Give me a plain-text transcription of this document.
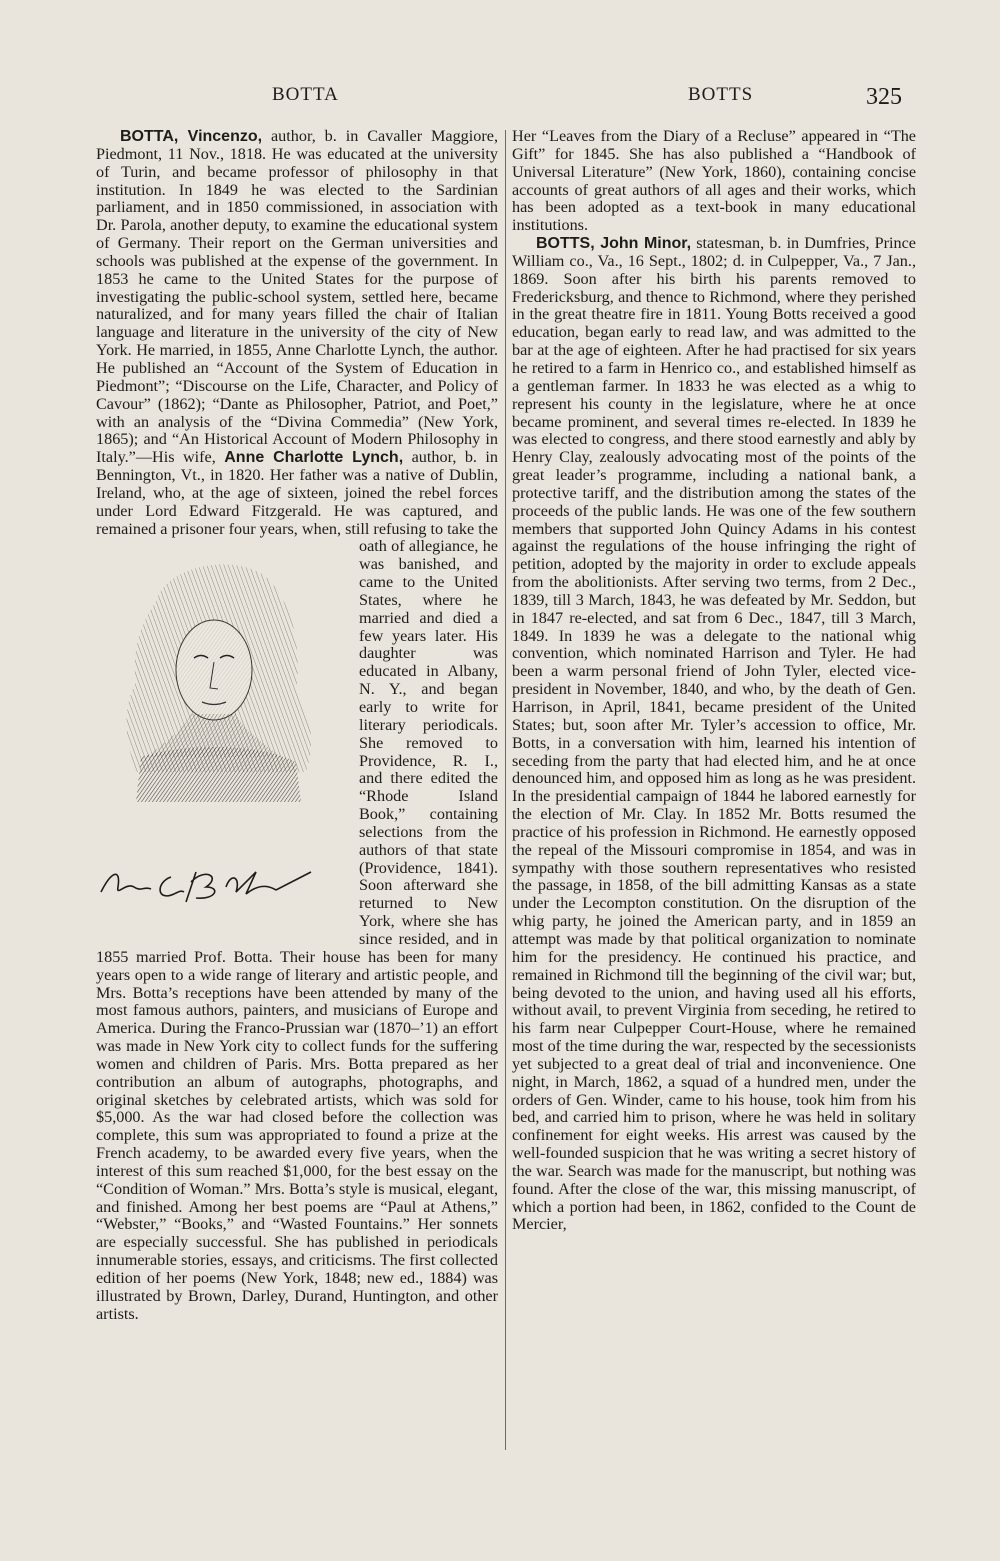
BOTTA	BOTTS	325

BOTTA, Vincenzo, author, b. in Cavaller Maggiore, Piedmont, 11 Nov., 1818. He was educated at the university of Turin, and became professor of philosophy in that institution. In 1849 he was elected to the Sardinian parliament, and in 1850 commissioned, in association with Dr. Parola, another deputy, to examine the educational system of Germany. Their report on the German universities and schools was published at the expense of the government. In 1853 he came to the United States for the purpose of investigating the public-school system, settled here, became naturalized, and for many years filled the chair of Italian language and literature in the university of the city of New York. He married, in 1855, Anne Charlotte Lynch, the author. He published an “Account of the System of Education in Piedmont”; “Discourse on the Life, Character, and Policy of Cavour” (1862); “Dante as Philosopher, Patriot, and Poet,” with an analysis of the “Divina Commedia” (New York, 1865); and “An Historical Account of Modern Philosophy in Italy.”—His wife, Anne Charlotte Lynch, author, b. in Bennington, Vt., in 1820. Her father was a native of Dublin, Ireland, who, at the age of sixteen, joined the rebel forces under Lord Edward Fitzgerald. He was captured, and remained a prisoner four years, when, still refusing to take
the oath of allegiance, he was banished, and came to the United States, where he married and died a few years later. His daughter was educated in Albany, N. Y., and began early to write for literary periodicals. She removed to Providence, R. I., and there edited the “Rhode Island Book,” containing selections from the authors of that state (Providence, 1841). Soon afterward she returned to New York, where she has since resided, and in 1855 married Prof. Botta. Their house has been for many years open to a wide range of literary and artistic people, and Mrs. Botta’s receptions have been attended by many of the most famous authors, painters, and musicians of Europe and America. During the Franco-Prussian war (1870–’1) an effort was made in New York city to collect funds for the suffering women and children of Paris. Mrs. Botta prepared as her contribution an album of autographs, photographs, and original sketches by celebrated artists, which was sold for $5,000. As the war had closed before the collection was complete, this sum was appropriated to found a prize at the French academy, to be awarded every five years, when the interest of this sum reached $1,000, for the best essay on the “Condition of Woman.” Mrs. Botta’s style is musical, elegant, and finished. Among her best poems are “Paul at Athens,” “Webster,” “Books,” and “Wasted Fountains.” Her sonnets are especially successful. She has published in periodicals innumerable stories, essays, and criticisms. The first collected edition of her poems (New York, 1848; new ed., 1884) was illustrated by Brown, Darley, Durand, Huntington, and other artists.

Her “Leaves from the Diary of a Recluse” appeared in “The Gift” for 1845. She has also published a “Handbook of Universal Literature” (New York, 1860), containing concise accounts of great authors of all ages and their works, which has been adopted as a text-book in many educational institutions.

BOTTS, John Minor, statesman, b. in Dumfries, Prince William co., Va., 16 Sept., 1802; d. in Culpepper, Va., 7 Jan., 1869. Soon after his birth his parents removed to Fredericksburg, and thence to Richmond, where they perished in the great theatre fire in 1811. Young Botts received a good education, began early to read law, and was admitted to the bar at the age of eighteen. After he had practised for six years he retired to a farm in Henrico co., and established himself as a gentleman farmer. In 1833 he was elected as a whig to represent his county in the legislature, where he at once became prominent, and several times re-elected. In 1839 he was elected to congress, and there stood earnestly and ably by Henry Clay, zealously advocating most of the points of the great leader’s programme, including a national bank, a protective tariff, and the distribution among the states of the proceeds of the public lands. He was one of the few southern members that supported John Quincy Adams in his contest against the regulations of the house infringing the right of petition, adopted by the majority in order to exclude appeals from the abolitionists. After serving two terms, from 2 Dec., 1839, till 3 March, 1843, he was defeated by Mr. Seddon, but in 1847 re-elected, and sat from 6 Dec., 1847, till 3 March, 1849. In 1839 he was a delegate to the national whig convention, which nominated Harrison and Tyler. He had been a warm personal friend of John Tyler, elected vice-president in November, 1840, and who, by the death of Gen. Harrison, in April, 1841, became president of the United States; but, soon after Mr. Tyler’s accession to office, Mr. Botts, in a conversation with him, learned his intention of seceding from the party that had elected him, and he at once denounced him, and opposed him as long as he was president. In the presidential campaign of 1844 he labored earnestly for the election of Mr. Clay. In 1852 Mr. Botts resumed the practice of his profession in Richmond. He earnestly opposed the repeal of the Missouri compromise in 1854, and was in sympathy with those southern representatives who resisted the passage, in 1858, of the bill admitting Kansas as a state under the Lecompton constitution. On the disruption of the whig party, he joined the American party, and in 1859 an attempt was made by that political organization to nominate him for the presidency. He continued his practice, and remained in Richmond till the beginning of the civil war; but, being devoted to the union, and having used all his efforts, without avail, to prevent Virginia from seceding, he retired to his farm near Culpepper Court-House, where he remained most of the time during the war, respected by the secessionists yet subjected to a great deal of trial and inconvenience. One night, in March, 1862, a squad of a hundred men, under the orders of Gen. Winder, came to his house, took him from his bed, and carried him to prison, where he was held in solitary confinement for eight weeks. His arrest was caused by the well-founded suspicion that he was writing a secret history of the war. Search was made for the manuscript, but nothing was found. After the close of the war, this missing manuscript, of which a portion had been, in 1862, confided to the Count de Mercier,
